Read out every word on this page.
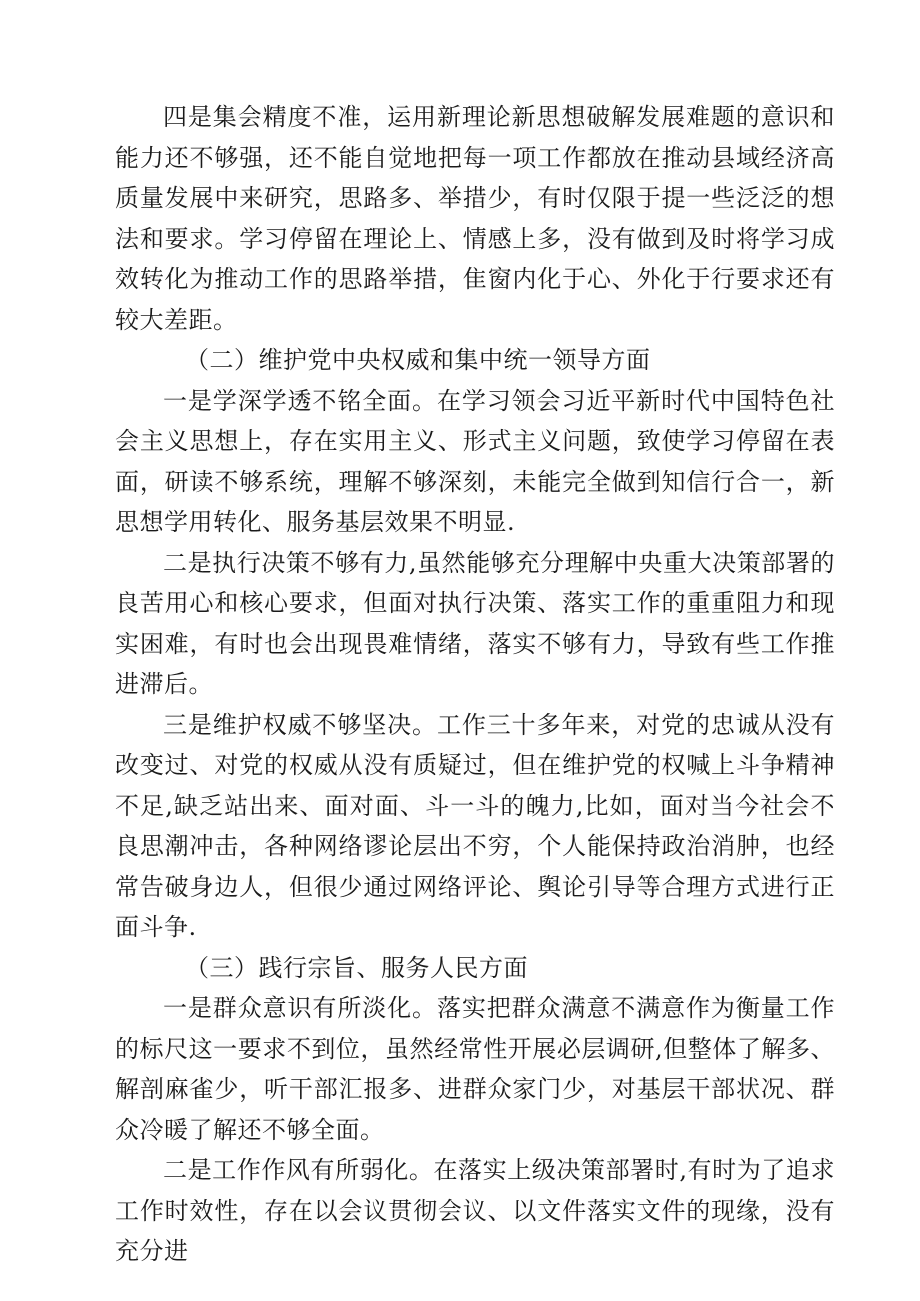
四是集会精度不准，运用新理论新思想破解发展难题的意识和能力还不够强，还不能自觉地把每一项工作都放在推动县域经济高质量发展中来研究，思路多、举措少，有时仅限于提一些泛泛的想法和要求。学习停留在理论上、情感上多，没有做到及时将学习成效转化为推动工作的思路举措，隹窗内化于心、外化于行要求还有较大差距。

（二）维护党中央权威和集中统一领导方面

一是学深学透不铭全面。在学习领会习近平新时代中国特色社会主义思想上，存在实用主义、形式主义问题，致使学习停留在表面，研读不够系统，理解不够深刻，未能完全做到知信行合一，新思想学用转化、服务基层效果不明显.

二是执行决策不够有力,虽然能够充分理解中央重大决策部署的良苦用心和核心要求，但面对执行决策、落实工作的重重阻力和现实困难，有时也会出现畏难情绪，落实不够有力，导致有些工作推进滞后。

三是维护权威不够坚决。工作三十多年来，对党的忠诚从没有改变过、对党的权威从没有质疑过，但在维护党的权喊上斗争精神不足,缺乏站出来、面对面、斗一斗的魄力,比如，面对当今社会不良思潮冲击，各种网络谬论层出不穷，个人能保持政治消肿，也经常告破身边人，但很少通过网络评论、舆论引导等合理方式进行正面斗争.

（三）践行宗旨、服务人民方面

一是群众意识有所淡化。落实把群众满意不满意作为衡量工作的标尺这一要求不到位，虽然经常性开展必层调研,但整体了解多、解剖麻雀少，听干部汇报多、进群众家门少，对基层干部状况、群众冷暖了解还不够全面。

二是工作作风有所弱化。在落实上级决策部署时,有时为了追求工作时效性，存在以会议贯彻会议、以文件落实文件的现缘，没有充分进
